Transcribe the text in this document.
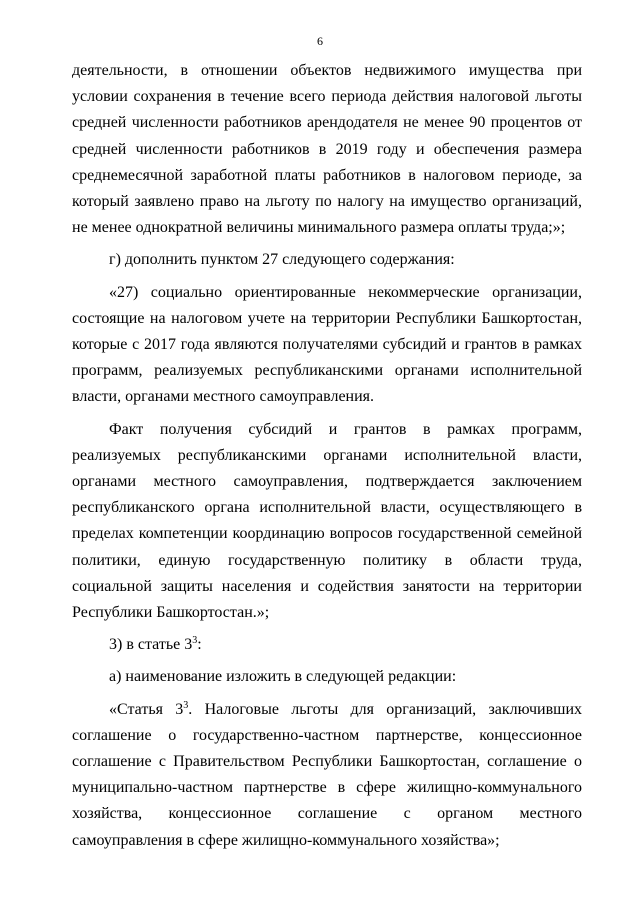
6

деятельности, в отношении объектов недвижимого имущества при условии сохранения в течение всего периода действия налоговой льготы средней численности работников арендодателя не менее 90 процентов от средней численности работников в 2019 году и обеспечения размера среднемесячной заработной платы работников в налоговом периоде, за который заявлено право на льготу по налогу на имущество организаций, не менее однократной величины минимального размера оплаты труда;»;

г) дополнить пунктом 27 следующего содержания:

«27) социально ориентированные некоммерческие организации, состоящие на налоговом учете на территории Республики Башкортостан, которые с 2017 года являются получателями субсидий и грантов в рамках программ, реализуемых республиканскими органами исполнительной власти, органами местного самоуправления.

Факт получения субсидий и грантов в рамках программ, реализуемых республиканскими органами исполнительной власти, органами местного самоуправления, подтверждается заключением республиканского органа исполнительной власти, осуществляющего в пределах компетенции координацию вопросов государственной семейной политики, единую государственную политику в области труда, социальной защиты населения и содействия занятости на территории Республики Башкортостан.»;

3) в статье $3^3$:

а) наименование изложить в следующей редакции:

«Статья $3^3$. Налоговые льготы для организаций, заключивших соглашение о государственно-частном партнерстве, концессионное соглашение с Правительством Республики Башкортостан, соглашение о муниципально-частном партнерстве в сфере жилищно-коммунального хозяйства, концессионное соглашение с органом местного самоуправления в сфере жилищно-коммунального хозяйства»;
